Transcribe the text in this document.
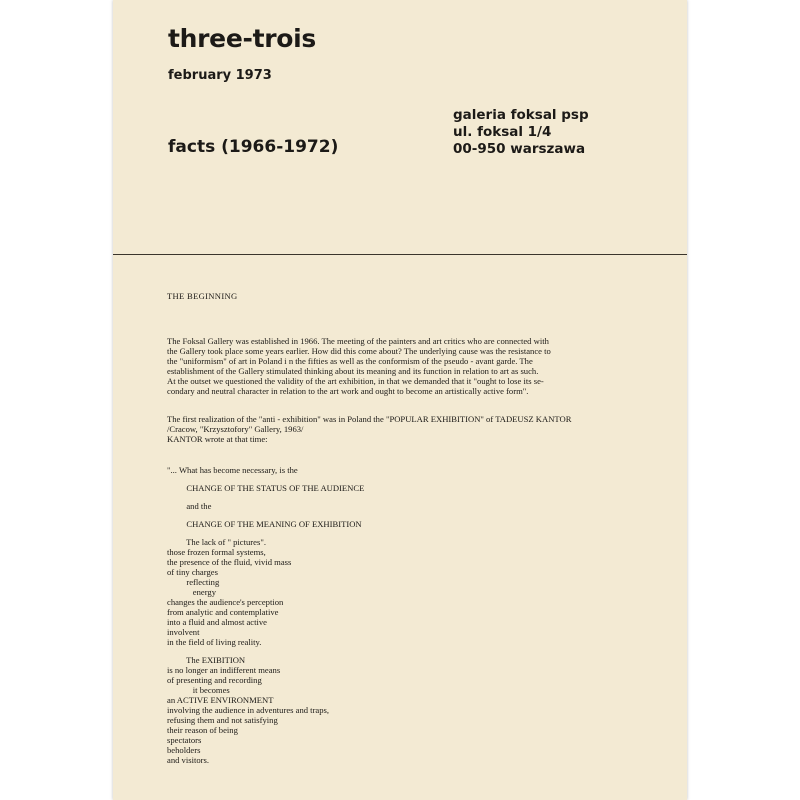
three-trois
february 1973
facts (1966-1972)
galeria foksal psp
ul. foksal 1/4
00-950 warszawa
THE BEGINNING
The Foksal Gallery was established in 1966. The meeting of the painters and art critics who are connected with
the Gallery took place some years earlier. How did this come about? The underlying cause was the resistance to
the "uniformism" of art in Poland i n the fifties as well as the conformism of the pseudo - avant garde. The
establishment of the Gallery stimulated thinking about its meaning and its function in relation to art as such.
At the outset we questioned the validity of the art exhibition, in that we demanded that it "ought to lose its se-
condary and neutral character in relation to the art work and ought to become an artistically active form".
The first realization of the "anti - exhibition" was in Poland the "POPULAR EXHIBITION" of TADEUSZ KANTOR
/Cracow, "Krzysztofory" Gallery, 1963/
KANTOR wrote at that time:
"... What has become necessary, is the
CHANGE OF THE STATUS OF THE AUDIENCE
and the
CHANGE OF THE MEANING OF EXHIBITION
The lack of " pictures".
those frozen formal systems,
the presence of the fluid, vivid mass
of tiny charges
reflecting
energy
changes the audience's perception
from analytic and contemplative
into a fluid and almost active
involvent
in the field of living reality.
The EXIBITION
is no longer an indifferent means
of presenting and recording
it becomes
an ACTIVE ENVIRONMENT
involving the audience in adventures and traps,
refusing them and not satisfying
their reason of being
spectators
beholders
and visitors.
